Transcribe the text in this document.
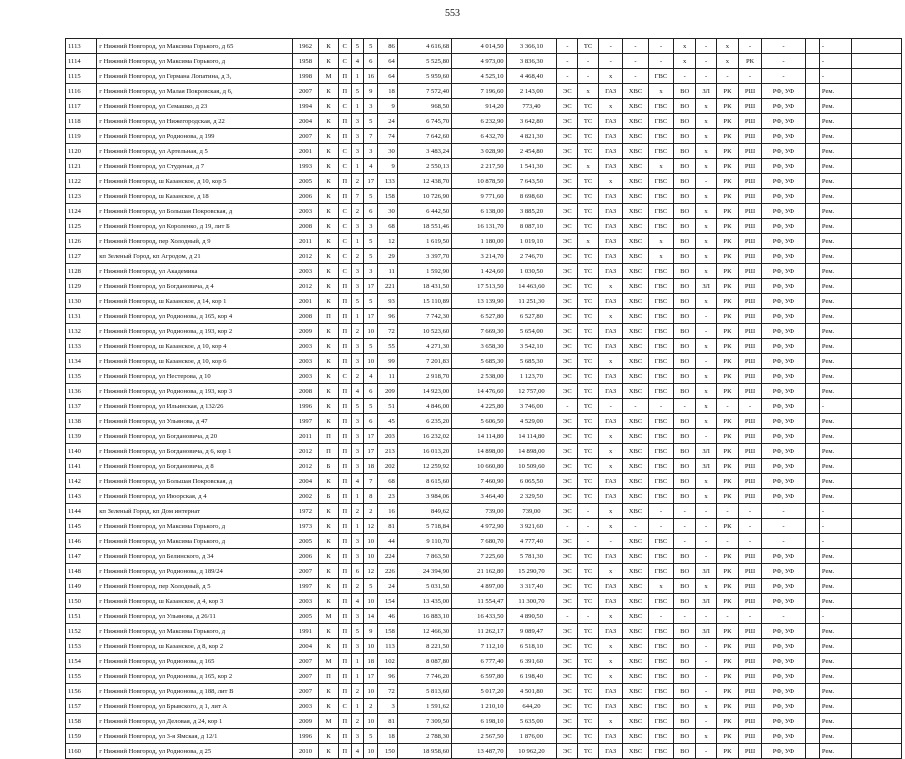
553
1113	г Нижний Новгород, ул Максима Горького, д 65	1962	К	С	5	5	86	4 616,68	4 014,50	3 366,10	-	ТС	-	-	-	х	-	х	-	-		-	
1114	г Нижний Новгород, ул Максима Горького, д	1958	К	С	4	6	64	5 525,80	4 973,00	3 836,30	-	-	-	-	-	х	-	х	РК	-		-	
1115	г Нижний Новгород, ул Германа Лопатина, д 3,	1998	М	П	1	16	64	5 959,60	4 525,10	4 468,40	-	-	х	-	ГВС	-	-	-	-	-		-	
1116	г Нижний Новгород, ул Малая Покровская, д 6,	2007	К	П	5	9	18	7 572,40	7 196,60	2 143,00	ЭС	х	ГАЗ	ХВС	х	ВО	ЗЛ	РК	РШ	РФ, УФ		Рем.	
1117	г Нижний Новгород, ул Семашко, д 23	1994	К	С	1	3	9	968,50	914,20	773,40	ЭС	ТС	х	ХВС	ГВС	ВО	х	РК	РШ	РФ, УФ		Рем.	
1118	г Нижний Новгород, ул Нижегородская, д 22	2004	К	П	3	5	24	6 745,70	6 232,90	3 642,80	ЭС	ТС	ГАЗ	ХВС	ГВС	ВО	х	РК	РШ	РФ, УФ		Рем.	
1119	г Нижний Новгород, ул Родионова, д 199	2007	К	П	3	7	74	7 642,60	6 432,70	4 821,30	ЭС	ТС	ГАЗ	ХВС	ГВС	ВО	х	РК	РШ	РФ, УФ		Рем.	
1120	г Нижний Новгород, ул Артельная, д 5	2001	К	С	3	3	30	3 483,24	3 028,90	2 454,80	ЭС	ТС	ГАЗ	ХВС	ГВС	ВО	х	РК	РШ	РФ, УФ		Рем.	
1121	г Нижний Новгород, ул Студеная, д 7	1993	К	С	1	4	9	2 550,13	2 217,50	1 541,30	ЭС	х	ГАЗ	ХВС	х	ВО	х	РК	РШ	РФ, УФ		Рем.	
1122	г Нижний Новгород, ш Казанское, д 10, кор 5	2005	К	П	2	17	133	12 438,70	10 878,50	7 643,50	ЭС	ТС	х	ХВС	ГВС	ВО	-	РК	РШ	РФ, УФ		Рем.	
1123	г Нижний Новгород, ш Казанское, д 18	2006	К	П	7	5	158	10 726,90	9 771,60	8 698,60	ЭС	ТС	ГАЗ	ХВС	ГВС	ВО	х	РК	РШ	РФ, УФ		Рем.	
1124	г Нижний Новгород, ул Большая Покровская, д	2003	К	С	2	6	30	6 442,50	6 138,00	3 885,20	ЭС	ТС	ГАЗ	ХВС	ГВС	ВО	х	РК	РШ	РФ, УФ		Рем.	
1125	г Нижний Новгород, ул Короленко, д 19, лит Б	2008	К	С	3	3	68	18 551,46	16 131,70	8 087,10	ЭС	ТС	ГАЗ	ХВС	ГВС	ВО	х	РК	РШ	РФ, УФ		Рем.	
1126	г Нижний Новгород, пер Холодный, д 9	2011	К	С	1	5	12	1 619,50	1 180,00	1 019,10	ЭС	х	ГАЗ	ХВС	х	ВО	х	РК	РШ	РФ, УФ		Рем.	
1127	кп Зеленый Город, кп Агродом, д 21	2012	К	С	2	5	29	3 397,70	3 214,70	2 746,70	ЭС	ТС	ГАЗ	ХВС	х	ВО	х	РК	РШ	РФ, УФ		Рем.	
1128	г Нижний Новгород, ул Академика	2003	К	С	3	3	11	1 592,90	1 424,60	1 030,50	ЭС	ТС	ГАЗ	ХВС	ГВС	ВО	х	РК	РШ	РФ, УФ		Рем.	
1129	г Нижний Новгород, ул Богдановича, д 4	2012	К	П	3	17	221	18 431,50	17 513,50	14 463,60	ЭС	ТС	х	ХВС	ГВС	ВО	ЗЛ	РК	РШ	РФ, УФ		Рем.	
1130	г Нижний Новгород, ш Казанское, д 14, кор 1	2001	К	П	5	5	93	15 110,89	13 139,90	11 251,30	ЭС	ТС	ГАЗ	ХВС	ГВС	ВО	х	РК	РШ	РФ, УФ		Рем.	
1131	г Нижний Новгород, ул Родионова, д 165, кор 4	2008	П	П	1	17	96	7 742,30	6 527,80	6 527,80	ЭС	ТС	х	ХВС	ГВС	ВО	-	РК	РШ	РФ, УФ		Рем.	
1132	г Нижний Новгород, ул Родионова, д 193, кор 2	2009	К	П	2	10	72	10 523,60	7 669,30	5 654,00	ЭС	ТС	ГАЗ	ХВС	ГВС	ВО	-	РК	РШ	РФ, УФ		Рем.	
1133	г Нижний Новгород, ш Казанское, д 10, кор 4	2003	К	П	3	5	55	4 271,30	3 658,30	3 542,10	ЭС	ТС	ГАЗ	ХВС	ГВС	ВО	х	РК	РШ	РФ, УФ		Рем.	
1134	г Нижний Новгород, ш Казанское, д 10, кор 6	2003	К	П	3	10	99	7 201,83	5 685,30	5 685,30	ЭС	ТС	х	ХВС	ГВС	ВО	-	РК	РШ	РФ, УФ		Рем.	
1135	г Нижний Новгород, ул Нестерова, д 10	2003	К	С	2	4	11	2 918,70	2 538,00	1 123,70	ЭС	ТС	ГАЗ	ХВС	ГВС	ВО	х	РК	РШ	РФ, УФ		Рем.	
1136	г Нижний Новгород, ул Родионова, д 193, кор 3	2008	К	П	4	6	209	14 923,00	14 476,60	12 757,00	ЭС	ТС	ГАЗ	ХВС	ГВС	ВО	х	РК	РШ	РФ, УФ		Рем.	
1137	г Нижний Новгород, ул Ильинская, д 132/26	1996	К	П	5	5	51	4 846,00	4 225,80	3 746,00	-	ТС	-	-	-	-	х	-	-	РФ, УФ		-	
1138	г Нижний Новгород, ул Ульянова, д 47	1997	К	П	3	6	45	6 235,20	5 606,50	4 529,00	ЭС	ТС	ГАЗ	ХВС	ГВС	ВО	х	РК	РШ	РФ, УФ		Рем.	
1139	г Нижний Новгород, ул Богдановича, д 20	2011	П	П	3	17	203	16 232,02	14 114,80	14 114,80	ЭС	ТС	х	ХВС	ГВС	ВО	-	РК	РШ	РФ, УФ		Рем.	
1140	г Нижний Новгород, ул Богдановича, д 6, кор 1	2012	П	П	3	17	213	16 013,20	14 898,00	14 898,00	ЭС	ТС	х	ХВС	ГВС	ВО	ЗЛ	РК	РШ	РФ, УФ		Рем.	
1141	г Нижний Новгород, ул Богдановича, д 8	2012	Б	П	3	18	202	12 259,92	10 660,80	10 509,60	ЭС	ТС	х	ХВС	ГВС	ВО	ЗЛ	РК	РШ	РФ, УФ		Рем.	
1142	г Нижний Новгород, ул Большая Покровская, д	2004	К	П	4	7	68	8 615,60	7 460,90	6 065,50	ЭС	ТС	ГАЗ	ХВС	ГВС	ВО	х	РК	РШ	РФ, УФ		Рем.	
1143	г Нижний Новгород, ул Июорская, д 4	2002	Б	П	1	8	23	3 984,06	3 464,40	2 329,50	ЭС	ТС	ГАЗ	ХВС	ГВС	ВО	х	РК	РШ	РФ, УФ		Рем.	
1144	кп Зеленый Город, кп Дом интернат	1972	К	П	2	2	16	849,62	739,00	739,00	ЭС	-	х	ХВС	-	-	-	-	-	-		-	
1145	г Нижний Новгород, ул Максима Горького, д	1973	К	П	1	12	81	5 718,84	4 972,90	3 921,60	-	-	х	-	-	-	-	РК	-	-		-	
1146	г Нижний Новгород, ул Максима Горького, д	2005	К	П	3	10	44	9 110,70	7 680,70	4 777,40	ЭС	-	-	ХВС	ГВС	-	-	-	-	-		-	
1147	г Нижний Новгород, ул Белинского, д 34	2006	К	П	3	10	224	7 863,50	7 225,60	5 781,30	ЭС	ТС	ГАЗ	ХВС	ГВС	ВО	-	РК	РШ	РФ, УФ		Рем.	
1148	г Нижний Новгород, ул Родионова, д 189/24	2007	К	П	6	12	226	24 394,90	21 162,80	15 290,70	ЭС	ТС	х	ХВС	ГВС	ВО	ЗЛ	РК	РШ	РФ, УФ		Рем.	
1149	г Нижний Новгород, пер Холодный, д 5	1997	К	П	2	5	24	5 031,50	4 897,00	3 317,40	ЭС	ТС	ГАЗ	ХВС	х	ВО	х	РК	РШ	РФ, УФ		Рем.	
1150	г Нижний Новгород, ш Казанское, д 4, кор 3	2003	К	П	4	10	154	13 435,00	11 554,47	11 300,70	ЭС	ТС	ГАЗ	ХВС	ГВС	ВО	ЗЛ	РК	РШ	РФ, УФ		Рем.	
1151	г Нижний Новгород, ул Ульянова, д 26/11	2005	М	П	3	14	46	16 883,10	16 433,50	4 890,50	-	-	х	ХВС	-	-	-	-	-	-		-	
1152	г Нижний Новгород, ул Максима Горького, д	1991	К	П	5	9	158	12 466,30	11 262,17	9 089,47	ЭС	ТС	ГАЗ	ХВС	ГВС	ВО	ЗЛ	РК	РШ	РФ, УФ		Рем.	
1153	г Нижний Новгород, ш Казанское, д 8, кор 2	2004	К	П	3	10	113	8 221,50	7 112,10	6 518,10	ЭС	ТС	х	ХВС	ГВС	ВО	-	РК	РШ	РФ, УФ		Рем.	
1154	г Нижний Новгород, ул Родионова, д 165	2007	М	П	1	18	102	8 087,80	6 777,40	6 391,60	ЭС	ТС	х	ХВС	ГВС	ВО	-	РК	РШ	РФ, УФ		Рем.	
1155	г Нижний Новгород, ул Родионова, д 165, кор 2	2007	П	П	1	17	96	7 746,20	6 597,80	6 198,40	ЭС	ТС	х	ХВС	ГВС	ВО	-	РК	РШ	РФ, УФ		Рем.	
1156	г Нижний Новгород, ул Родионова, д 188, лит В	2007	К	П	2	10	72	5 813,60	5 017,20	4 501,80	ЭС	ТС	ГАЗ	ХВС	ГВС	ВО	-	РК	РШ	РФ, УФ		Рем.	
1157	г Нижний Новгород, ул Брывского, д 1, лит А	2003	К	С	1	2	3	1 591,62	1 210,10	644,20	ЭС	ТС	ГАЗ	ХВС	ГВС	ВО	х	РК	РШ	РФ, УФ		Рем.	
1158	г Нижний Новгород, ул Деловая, д 24, кор 1	2009	М	П	2	10	81	7 309,50	6 198,10	5 635,00	ЭС	ТС	х	ХВС	ГВС	ВО	-	РК	РШ	РФ, УФ		Рем.	
1159	г Нижний Новгород, ул 3-я Ямская, д 12/1	1996	К	П	3	5	18	2 788,30	2 567,50	1 876,00	ЭС	ТС	ГАЗ	ХВС	ГВС	ВО	х	РК	РШ	РФ, УФ		Рем.	
1160	г Нижний Новгород, ул Родионова, д 25	2010	К	П	4	10	150	18 958,60	13 487,70	10 962,20	ЭС	ТС	ГАЗ	ХВС	ГВС	ВО	-	РК	РШ	РФ, УФ		Рем.	
